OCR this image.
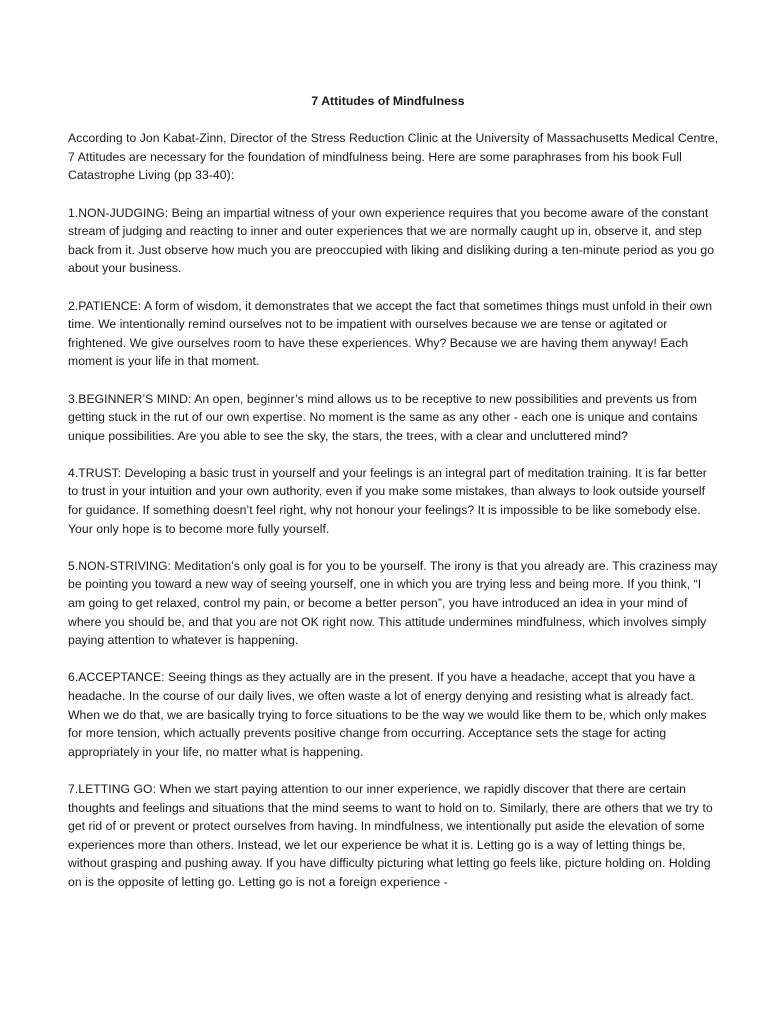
7 Attitudes of Mindfulness
According to Jon Kabat-Zinn, Director of the Stress Reduction Clinic at the University of Massachusetts Medical Centre, 7 Attitudes are necessary for the foundation of mindfulness being. Here are some paraphrases from his book Full Catastrophe Living (pp 33-40):
1.NON-JUDGING: Being an impartial witness of your own experience requires that you become aware of the constant stream of judging and reacting to inner and outer experiences that we are normally caught up in, observe it, and step back from it. Just observe how much you are preoccupied with liking and disliking during a ten-minute period as you go about your business.
2.PATIENCE: A form of wisdom, it demonstrates that we accept the fact that sometimes things must unfold in their own time. We intentionally remind ourselves not to be impatient with ourselves because we are tense or agitated or frightened. We give ourselves room to have these experiences. Why? Because we are having them anyway! Each moment is your life in that moment.
3.BEGINNER’S MIND: An open, beginner’s mind allows us to be receptive to new possibilities and prevents us from getting stuck in the rut of our own expertise. No moment is the same as any other - each one is unique and contains unique possibilities. Are you able to see the sky, the stars, the trees, with a clear and uncluttered mind?
4.TRUST: Developing a basic trust in yourself and your feelings is an integral part of meditation training. It is far better to trust in your intuition and your own authority, even if you make some mistakes, than always to look outside yourself for guidance. If something doesn’t feel right, why not honour your feelings? It is impossible to be like somebody else. Your only hope is to become more fully yourself.
5.NON-STRIVING: Meditation’s only goal is for you to be yourself. The irony is that you already are. This craziness may be pointing you toward a new way of seeing yourself, one in which you are trying less and being more. If you think, “I am going to get relaxed, control my pain, or become a better person”, you have introduced an idea in your mind of where you should be, and that you are not OK right now. This attitude undermines mindfulness, which involves simply paying attention to whatever is happening.
6.ACCEPTANCE: Seeing things as they actually are in the present. If you have a headache, accept that you have a headache. In the course of our daily lives, we often waste a lot of energy denying and resisting what is already fact. When we do that, we are basically trying to force situations to be the way we would like them to be, which only makes for more tension, which actually prevents positive change from occurring. Acceptance sets the stage for acting appropriately in your life, no matter what is happening.
7.LETTING GO: When we start paying attention to our inner experience, we rapidly discover that there are certain thoughts and feelings and situations that the mind seems to want to hold on to. Similarly, there are others that we try to get rid of or prevent or protect ourselves from having. In mindfulness, we intentionally put aside the elevation of some experiences more than others. Instead, we let our experience be what it is. Letting go is a way of letting things be, without grasping and pushing away. If you have difficulty picturing what letting go feels like, picture holding on. Holding on is the opposite of letting go. Letting go is not a foreign experience -
